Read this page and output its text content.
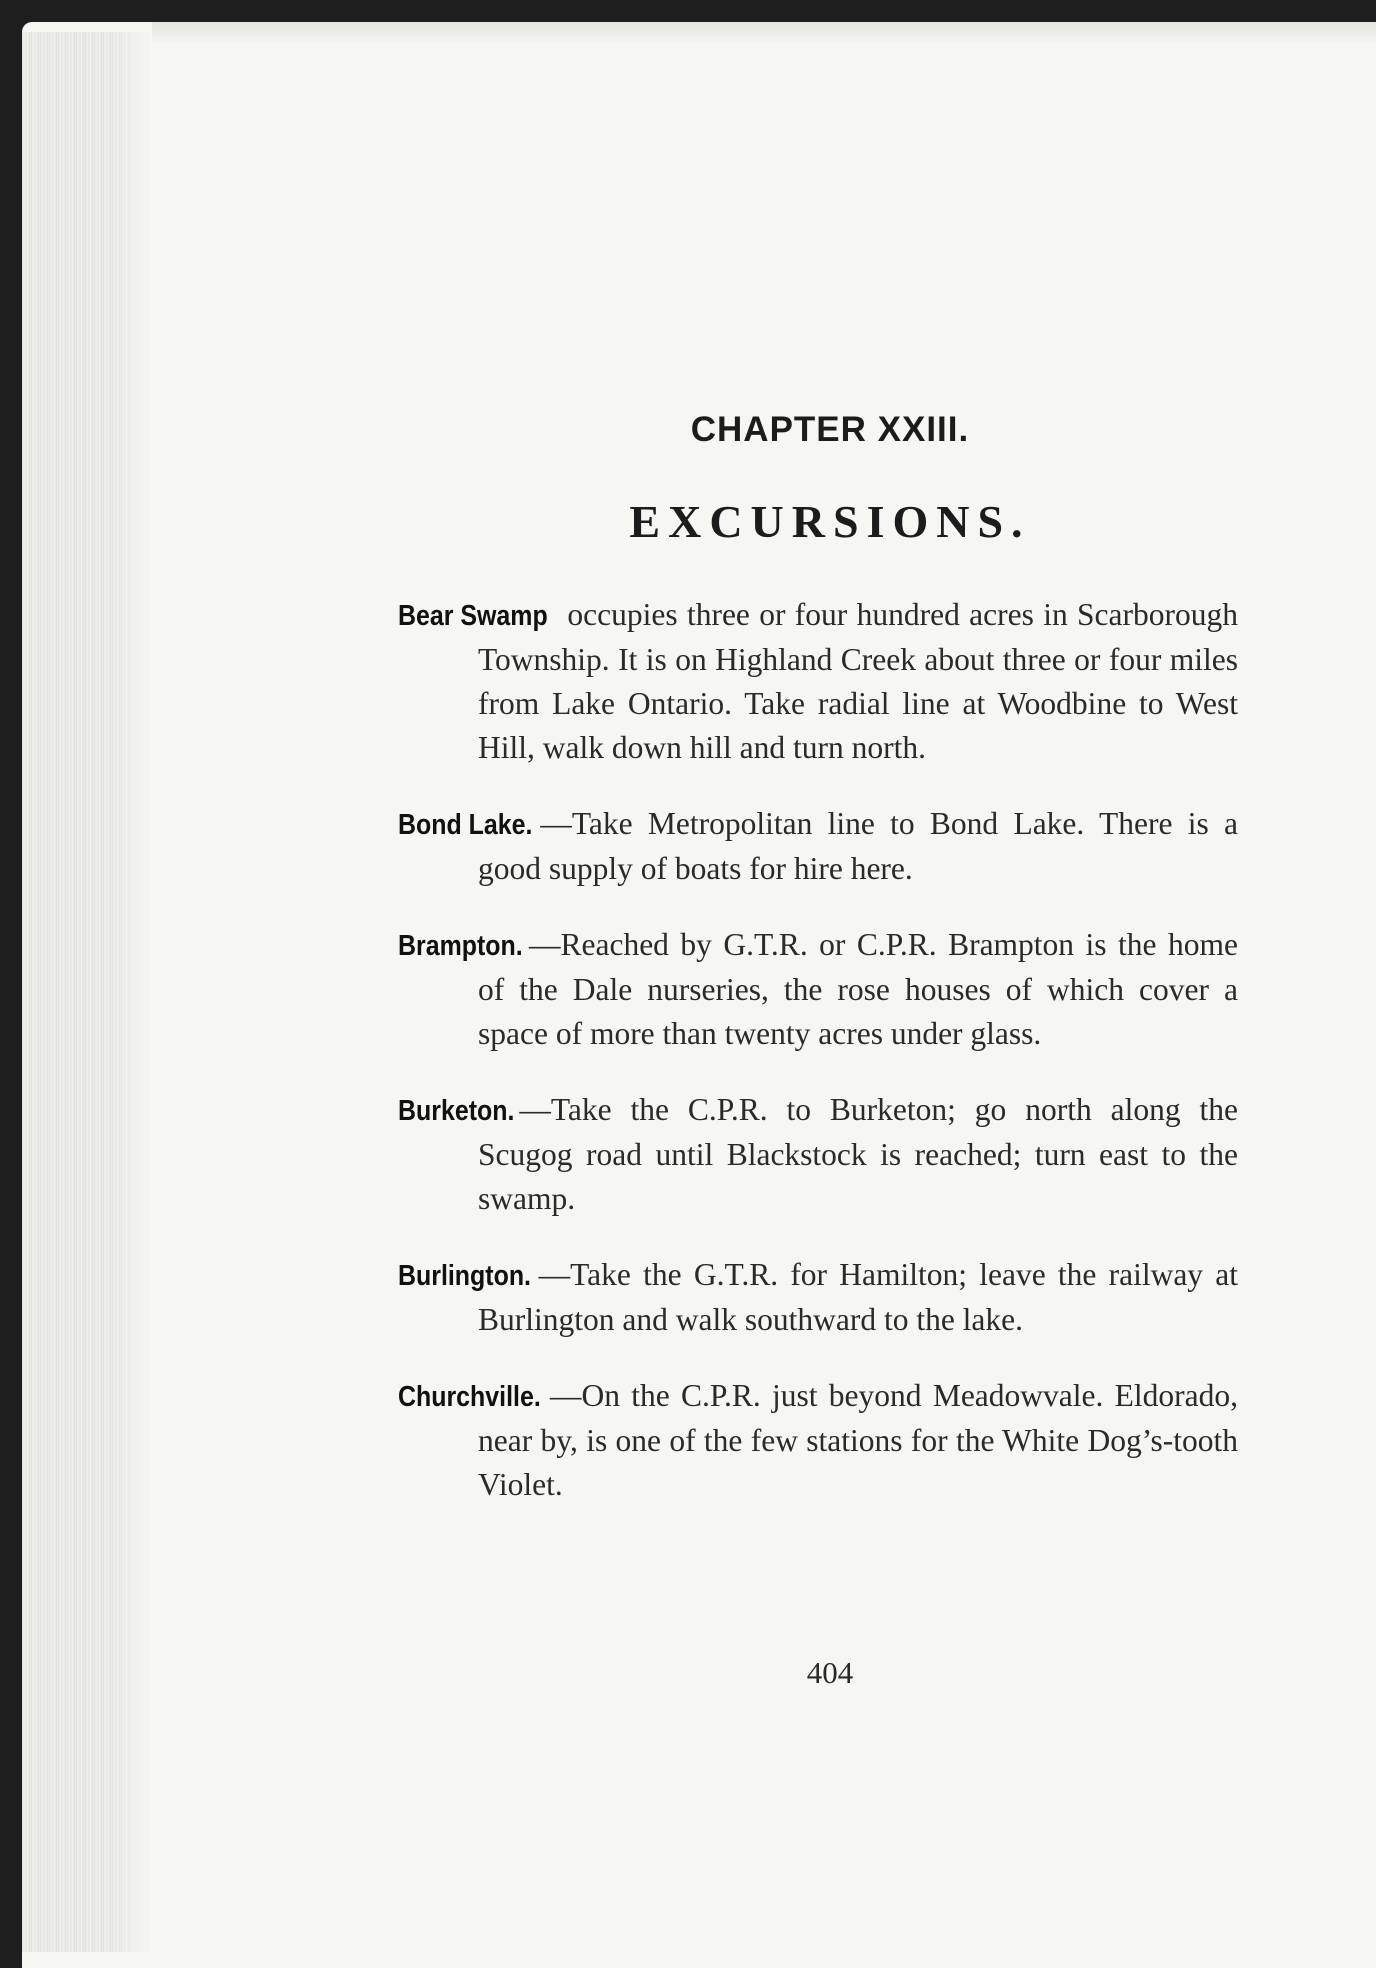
CHAPTER XXIII.
EXCURSIONS.

Bear Swamp occupies three or four hundred acres in Scarborough Township. It is on Highland Creek about three or four miles from Lake Ontario. Take radial line at Woodbine to West Hill, walk down hill and turn north.

Bond Lake. —Take Metropolitan line to Bond Lake. There is a good supply of boats for hire here.

Brampton. —Reached by G.T.R. or C.P.R. Brampton is the home of the Dale nurseries, the rose houses of which cover a space of more than twenty acres under glass.

Burketon. —Take the C.P.R. to Burketon; go north along the Scugog road until Blackstock is reached; turn east to the swamp.

Burlington. —Take the G.T.R. for Hamilton; leave the railway at Burlington and walk southward to the lake.

Churchville. —On the C.P.R. just beyond Meadowvale. Eldorado, near by, is one of the few stations for the White Dog’s-tooth Violet.

404
